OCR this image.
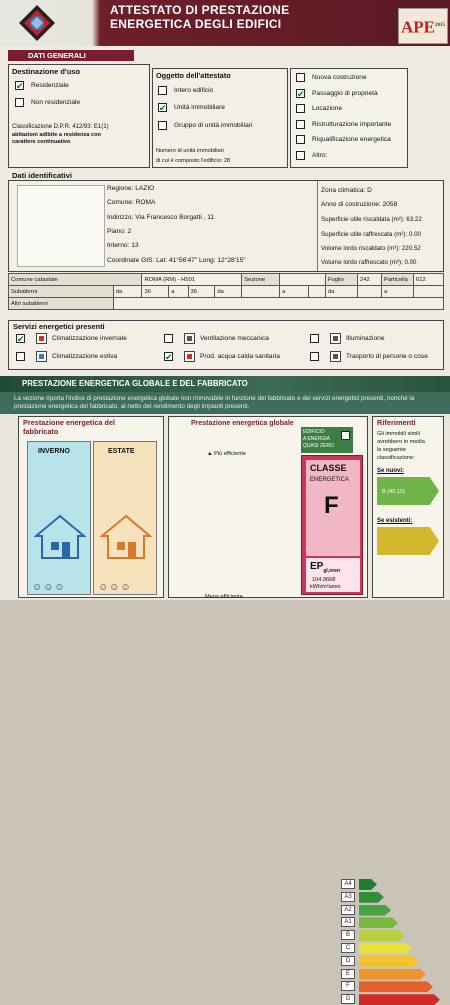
ATTESTATO DI PRESTAZIONE
ENERGETICA DEGLI EDIFICI	$APE^{2015}$
DATI GENERALI
Destinazione d'uso
✔
Residenziale
Non residenziale
Classificazione D.P.R. 412/93: E1(1)
abitazioni adibite a residenza con
carattere continuativo
Oggetto dell'attestato
Intero edificio
✔
Unità immobiliare
Gruppo di unità immobiliari
Numero di unità immobiliari
di cui è composto l'edificio: 28
Nuova costruzione
✔
Passaggio di proprietà
Locazione
Ristrutturazione importante
Riqualificazione energetica
Altro:
Dati identificativi
Regione: LAZIO
Comune: ROMA
Indirizzo: Via Francesco Borgatti , 11
Piano: 2
Interno: 13
Coordinate GIS: Lat: 41°56'47" Long: 12°28'15"
Zona climatica: D
Anno di costruzione: 2058
Superficie utile riscaldata (m²): 63.22
Superficie utile raffrescata (m²): 0.00
Volume lordo riscaldato (m³): 220.52
Volume lordo raffrescato (m³): 0.00
Comune catastale		ROMA (RM) - H501				Sezione			Foglio	242	Particella	612
Subalterni	da	36	a	36	da		a		da		a	
Altri subalterni												
Servizi energetici presenti
✔
Climatizzazione invernale
Climatizzazione estiva
Ventilazione meccanica
✔
Prod. acqua calda sanitaria
Illuminazione
Trasporto di persone o cose
PRESTAZIONE ENERGETICA GLOBALE E DEL FABBRICATO
La sezione riporta l'indice di prestazione energetica globale non rinnovabile in funzione del fabbricato e dei servizi energetici presenti, nonché la prestazione energetica del fabbricato, al netto del rendimento degli impianti presenti.
Prestazione energetica del
fabbricato
INVERNO
☺☺☺
ESTATE
☺☺☺
Prestazione energetica globale
▲ Più efficiente
Meno efficiente
A4
A3
A2
A1
B
C
D
E
F
G
EDIFICIO
A ENERGIA
QUASI ZERO
CLASSE
ENERGETICA
F
$EP_{gl,nren}$
104.9668
kWh/m²anno
Riferimenti
Gli immobili simili
avrebbero in media
la seguente
classificazione:
Se nuovi:
B (40.15)
Se esistenti:
